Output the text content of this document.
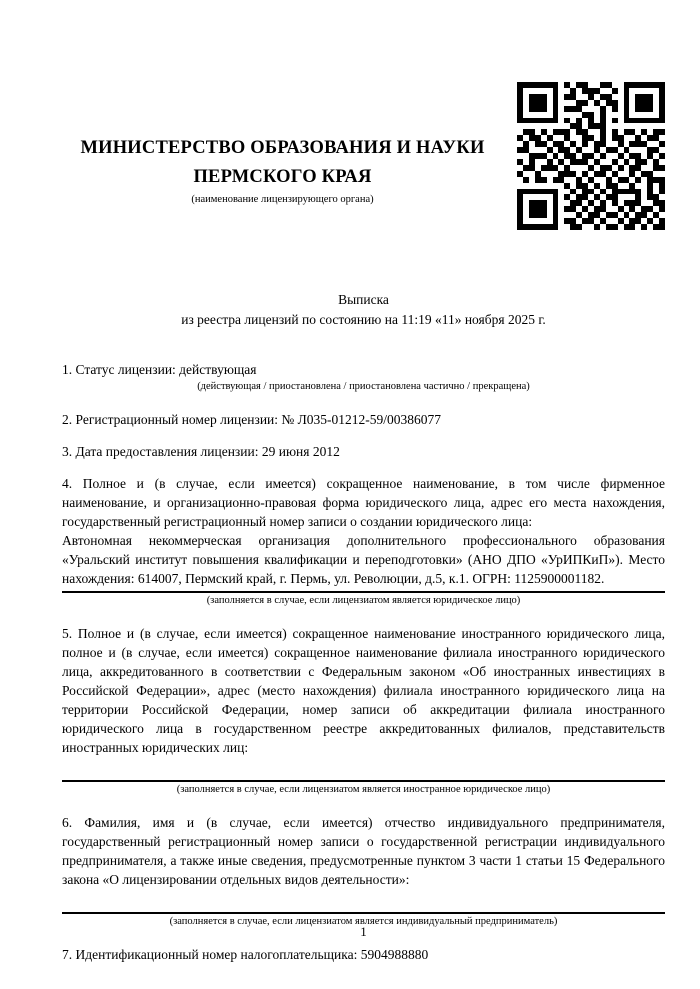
МИНИСТЕРСТВО ОБРАЗОВАНИЯ И НАУКИ ПЕРМСКОГО КРАЯ
(наименование лицензирующего органа)
Выписка
из реестра лицензий по состоянию на 11:19 «11» ноября 2025 г.
1. Статус лицензии: действующая
(действующая / приостановлена / приостановлена частично / прекращена)
2. Регистрационный номер лицензии: № Л035-01212-59/00386077
3. Дата предоставления лицензии: 29 июня 2012
4. Полное и (в случае, если имеется) сокращенное наименование, в том числе фирменное наименование, и организационно-правовая форма юридического лица, адрес его места нахождения, государственный регистрационный номер записи о создании юридического лица:
Автономная некоммерческая организация дополнительного профессионального образования «Уральский институт повышения квалификации и переподготовки» (АНО ДПО «УрИПКиП»). Место нахождения: 614007, Пермский край, г. Пермь, ул. Революции, д.5, к.1. ОГРН: 1125900001182.
(заполняется в случае, если лицензиатом является юридическое лицо)
5. Полное и (в случае, если имеется) сокращенное наименование иностранного юридического лица, полное и (в случае, если имеется) сокращенное наименование филиала иностранного юридического лица, аккредитованного в соответствии с Федеральным законом «Об иностранных инвестициях в Российской Федерации», адрес (место нахождения) филиала иностранного юридического лица на территории Российской Федерации, номер записи об аккредитации филиала иностранного юридического лица в государственном реестре аккредитованных филиалов, представительств иностранных юридических лиц:
(заполняется в случае, если лицензиатом является иностранное юридическое лицо)
6. Фамилия, имя и (в случае, если имеется) отчество индивидуального предпринимателя, государственный регистрационный номер записи о государственной регистрации индивидуального предпринимателя, а также иные сведения, предусмотренные пунктом 3 части 1 статьи 15 Федерального закона «О лицензировании отдельных видов деятельности»:
(заполняется в случае, если лицензиатом является индивидуальный предприниматель)
7. Идентификационный номер налогоплательщика: 5904988880
1
